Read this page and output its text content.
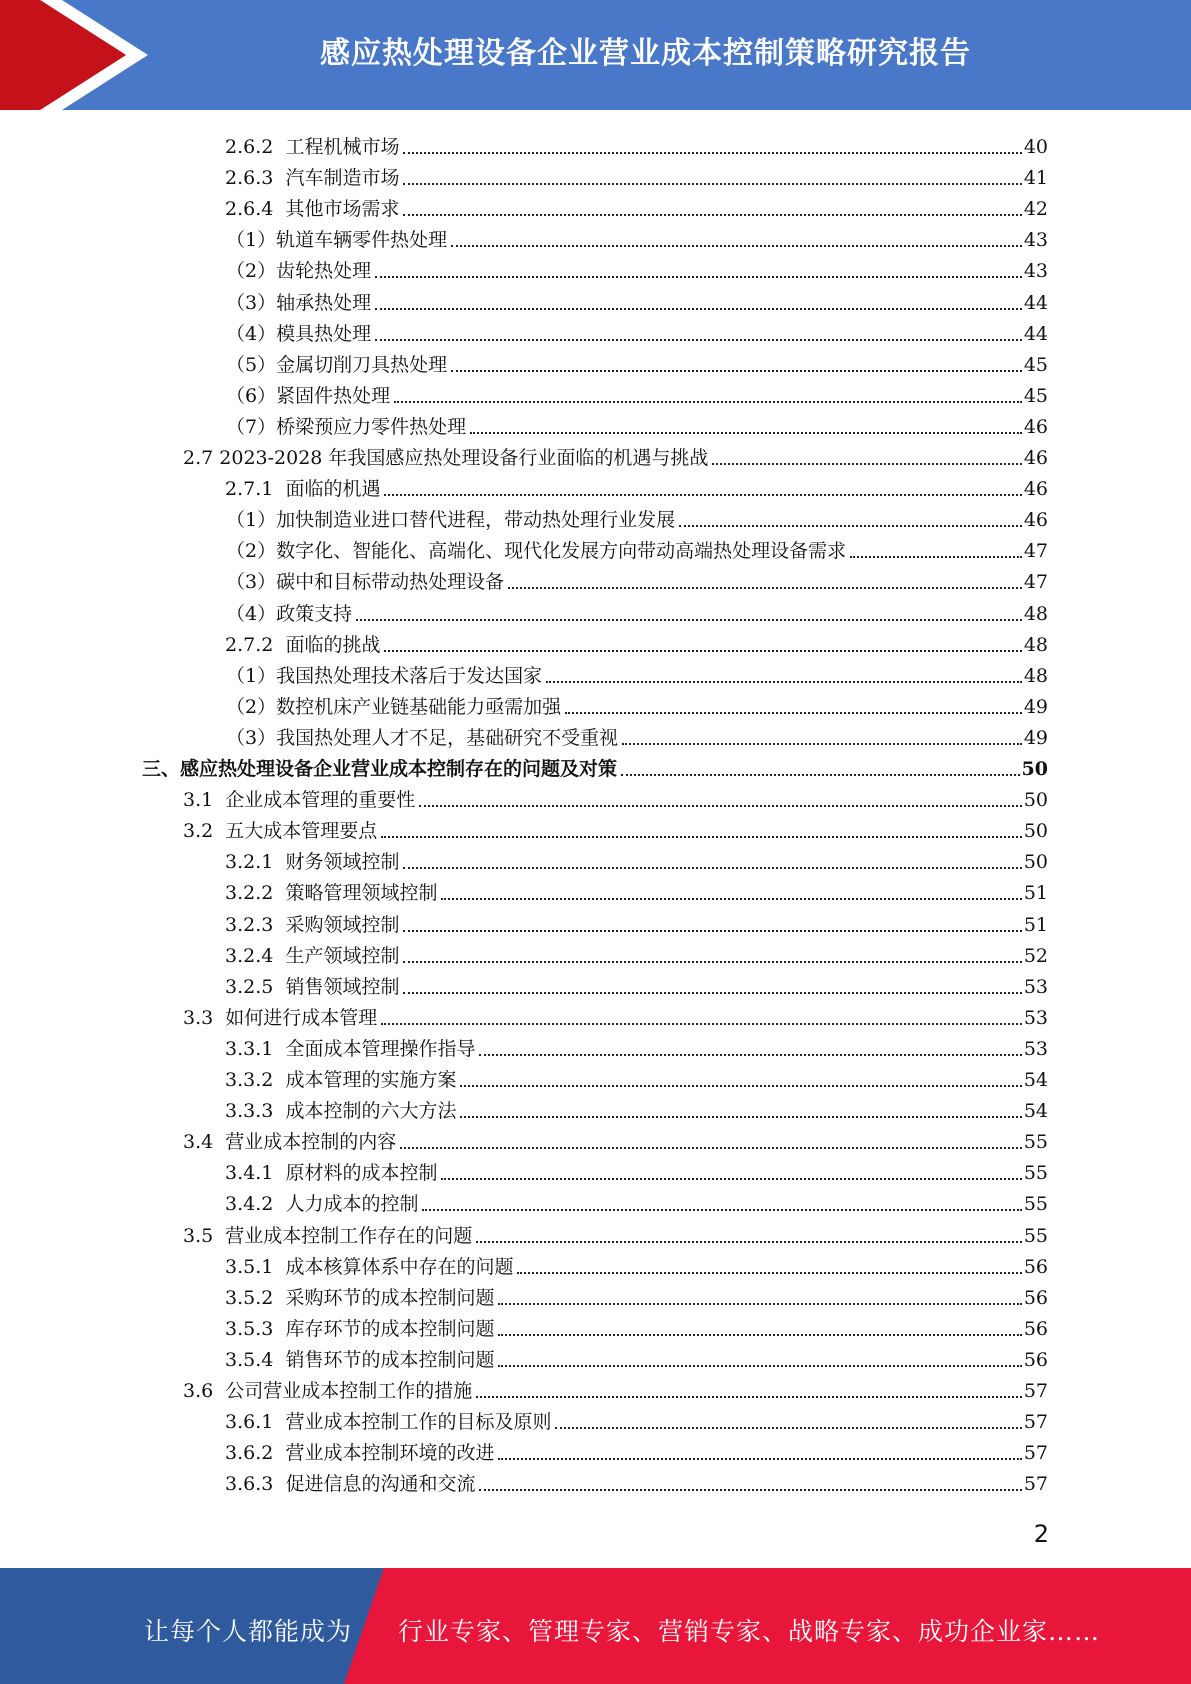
感应热处理设备企业营业成本控制策略研究报告
2.6.2 工程机械市场	40
2.6.3 汽车制造市场	41
2.6.4 其他市场需求	42
（1） 轨道车辆零件热处理	43
（2） 齿轮热处理	43
（3） 轴承热处理	44
（4） 模具热处理	44
（5） 金属切削刀具热处理	45
（6） 紧固件热处理	45
（7） 桥梁预应力零件热处理	46
2.7 2023-2028 年我国感应热处理设备行业面临的机遇与挑战	46
2.7.1 面临的机遇	46
（1） 加快制造业进口替代进程，带动热处理行业发展	46
（2） 数字化、智能化、高端化、现代化发展方向带动高端热处理设备需求	47
（3） 碳中和目标带动热处理设备	47
（4） 政策支持	48
2.7.2 面临的挑战	48
（1） 我国热处理技术落后于发达国家	48
（2） 数控机床产业链基础能力亟需加强	49
（3） 我国热处理人才不足，基础研究不受重视	49
三、 感应热处理设备企业营业成本控制存在的问题及对策	50
3.1 企业成本管理的重要性	50
3.2 五大成本管理要点	50
3.2.1 财务领域控制	50
3.2.2 策略管理领域控制	51
3.2.3 采购领域控制	51
3.2.4 生产领域控制	52
3.2.5 销售领域控制	53
3.3 如何进行成本管理	53
3.3.1 全面成本管理操作指导	53
3.3.2 成本管理的实施方案	54
3.3.3 成本控制的六大方法	54
3.4 营业成本控制的内容	55
3.4.1 原材料的成本控制	55
3.4.2 人力成本的控制	55
3.5 营业成本控制工作存在的问题	55
3.5.1 成本核算体系中存在的问题	56
3.5.2 采购环节的成本控制问题	56
3.5.3 库存环节的成本控制问题	56
3.5.4 销售环节的成本控制问题	56
3.6 公司营业成本控制工作的措施	57
3.6.1 营业成本控制工作的目标及原则	57
3.6.2 营业成本控制环境的改进	57
3.6.3 促进信息的沟通和交流	57
2
让每个人都能成为 行业专家、管理专家、营销专家、战略专家、成功企业家……
